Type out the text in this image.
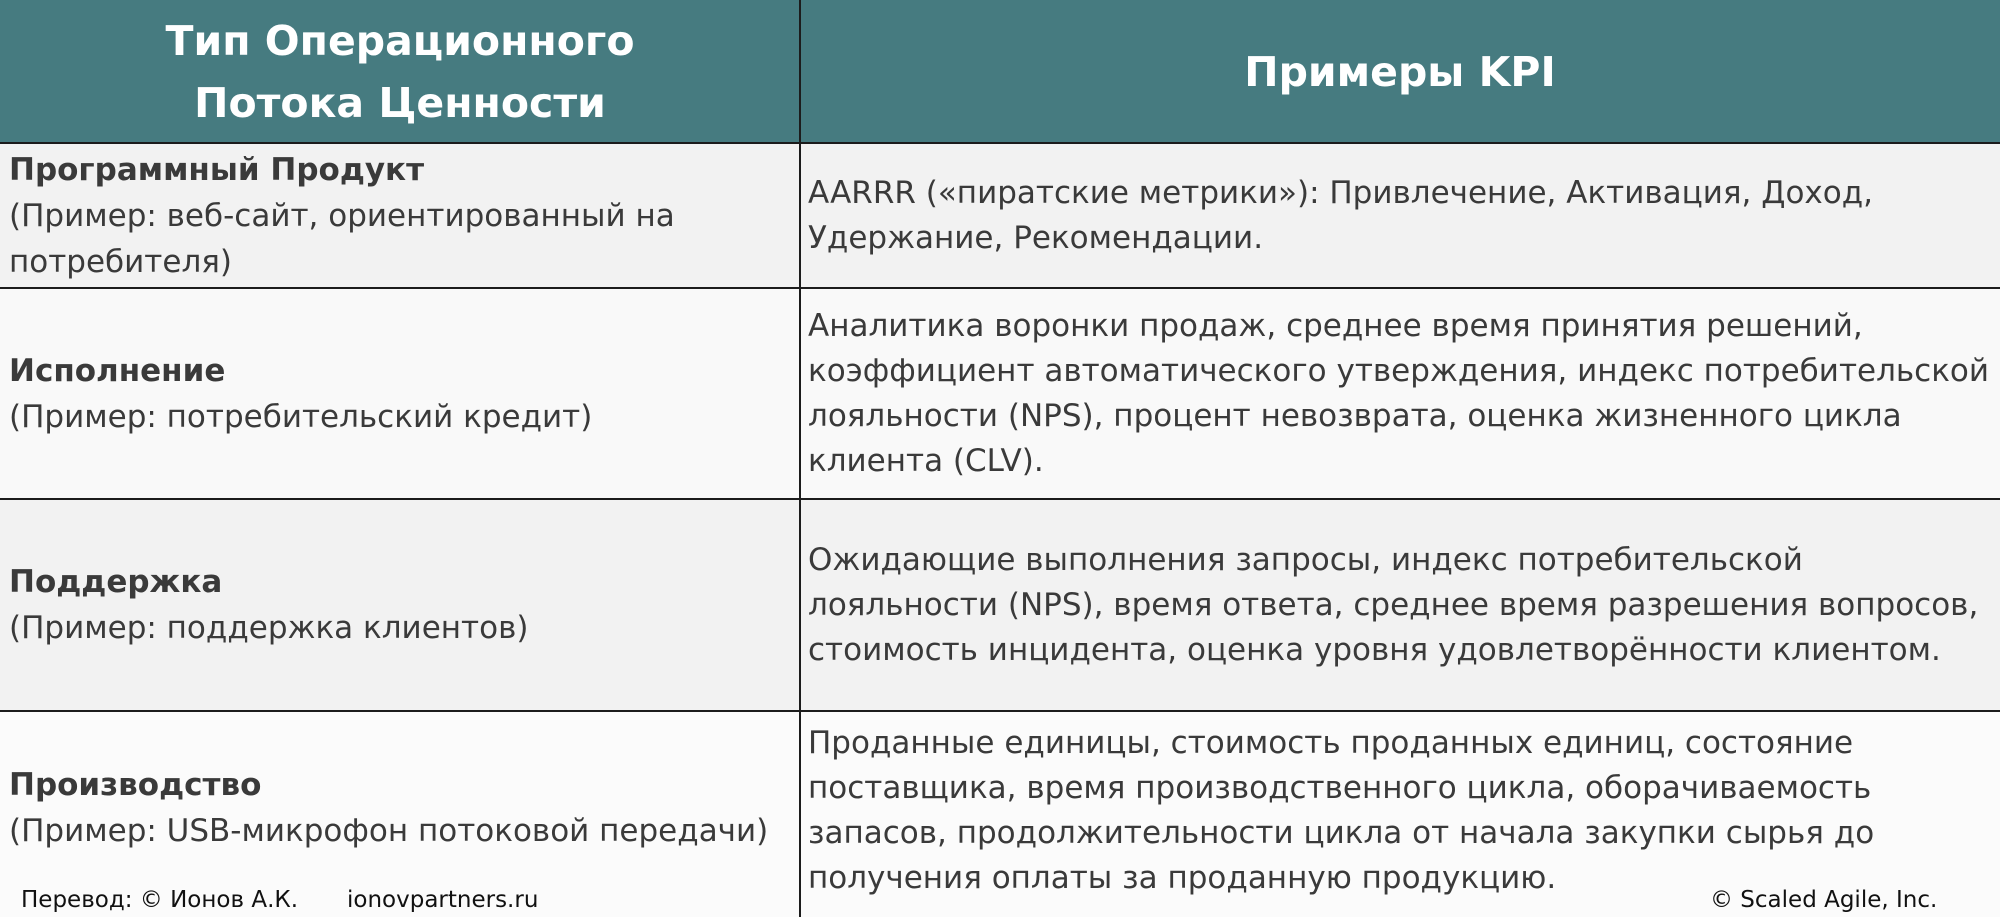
Тип Операционного
Потока Ценности
Примеры KPI
Программный Продукт
(Пример: веб-сайт, ориентированный на потребителя)
AARRR («пиратские метрики»): Привлечение, Активация, Доход, Удержание, Рекомендации.
Исполнение
(Пример: потребительский кредит)
Аналитика воронки продаж, среднее время принятия решений, коэффициент автоматического утверждения, индекс потребительской лояльности (NPS), процент невозврата, оценка жизненного цикла клиента (CLV).
Поддержка
(Пример: поддержка клиентов)
Ожидающие выполнения запросы, индекс потребительской лояльности (NPS), время ответа, среднее время разрешения вопросов, стоимость инцидента, оценка уровня удовлетворённости клиентом.
Производство
(Пример: USB-микрофон потоковой передачи)
Проданные единицы, стоимость проданных единиц, состояние поставщика, время производственного цикла, оборачиваемость запасов, продолжительности цикла от начала закупки сырья до получения оплаты за проданную продукцию.
Перевод: © Ионов А.К. ionovpartners.ru	© Scaled Agile, Inc.
